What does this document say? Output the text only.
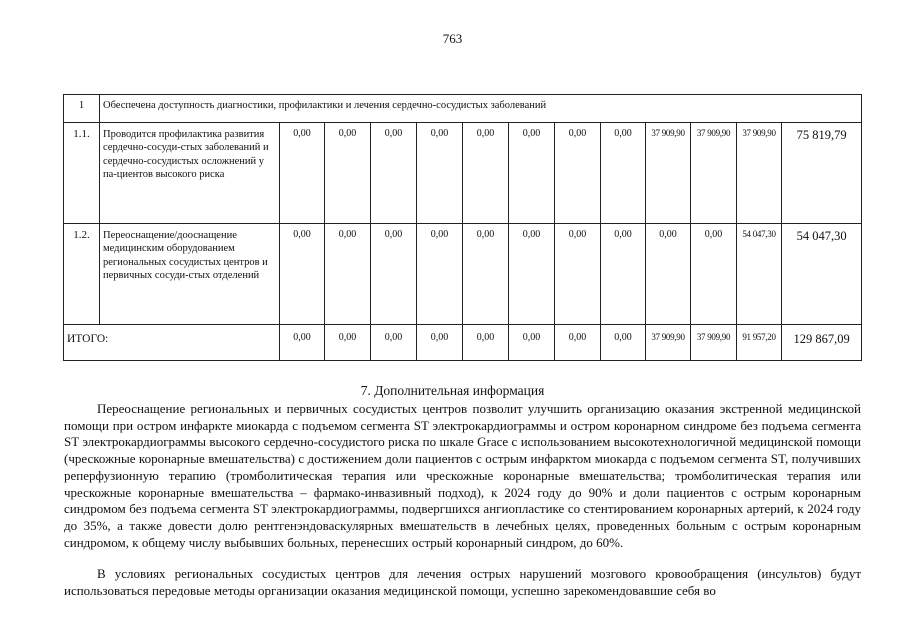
763
1	Обеспечена доступность диагностики, профилактики и лечения сердечно-сосудистых заболеваний												
1.1.	Проводится профилактика развития сердечно-сосуди-стых заболеваний и сердечно-сосудистых осложнений у па-циентов высокого риска	0,00	0,00	0,00	0,00	0,00	0,00	0,00	0,00	37 909,90	37 909,90	37 909,90	75 819,79
1.2.	Переоснащение/дооснащение медицинским оборудованием региональных сосудистых центров и первичных сосуди-стых отделений	0,00	0,00	0,00	0,00	0,00	0,00	0,00	0,00	0,00	0,00	54 047,30	54 047,30
ИТОГО:		0,00	0,00	0,00	0,00	0,00	0,00	0,00	0,00	37 909,90	37 909,90	91 957,20	129 867,09
7. Дополнительная информация

Переоснащение региональных и первичных сосудистых центров позволит улучшить организацию оказания экстренной медицинской помощи при остром инфаркте миокарда с подъемом сегмента ST электрокардиограммы и остром коронарном синдроме без подъема сегмента ST электрокардиограммы высокого сердечно-сосудистого риска по шкале Grace с использованием высокотехнологичной медицинской помощи (чрескожные коронарные вмешательства) с достижением доли пациентов с острым инфарктом миокарда с подъемом сегмента ST, получивших реперфузионную терапию (тромболитическая терапия или чрескожные коронарные вмешательства; тромболитическая терапия или чрескожные коронарные вмешательства – фармако-инвазивный подход), к 2024 году до 90% и доли пациентов с острым коронарным синдромом без подъема сегмента ST электрокардиограммы, подвергшихся ангиопластике со стентированием коронарных артерий, к 2024 году до 35%, а также довести долю рентгенэндоваскулярных вмешательств в лечебных целях, проведенных больным с острым коронарным синдромом, к общему числу выбывших больных, перенесших острый коронарный синдром, до 60%.

В условиях региональных сосудистых центров для лечения острых нарушений мозгового кровообращения (инсультов) будут использоваться передовые методы организации оказания медицинской помощи, успешно зарекомендовавшие себя во
